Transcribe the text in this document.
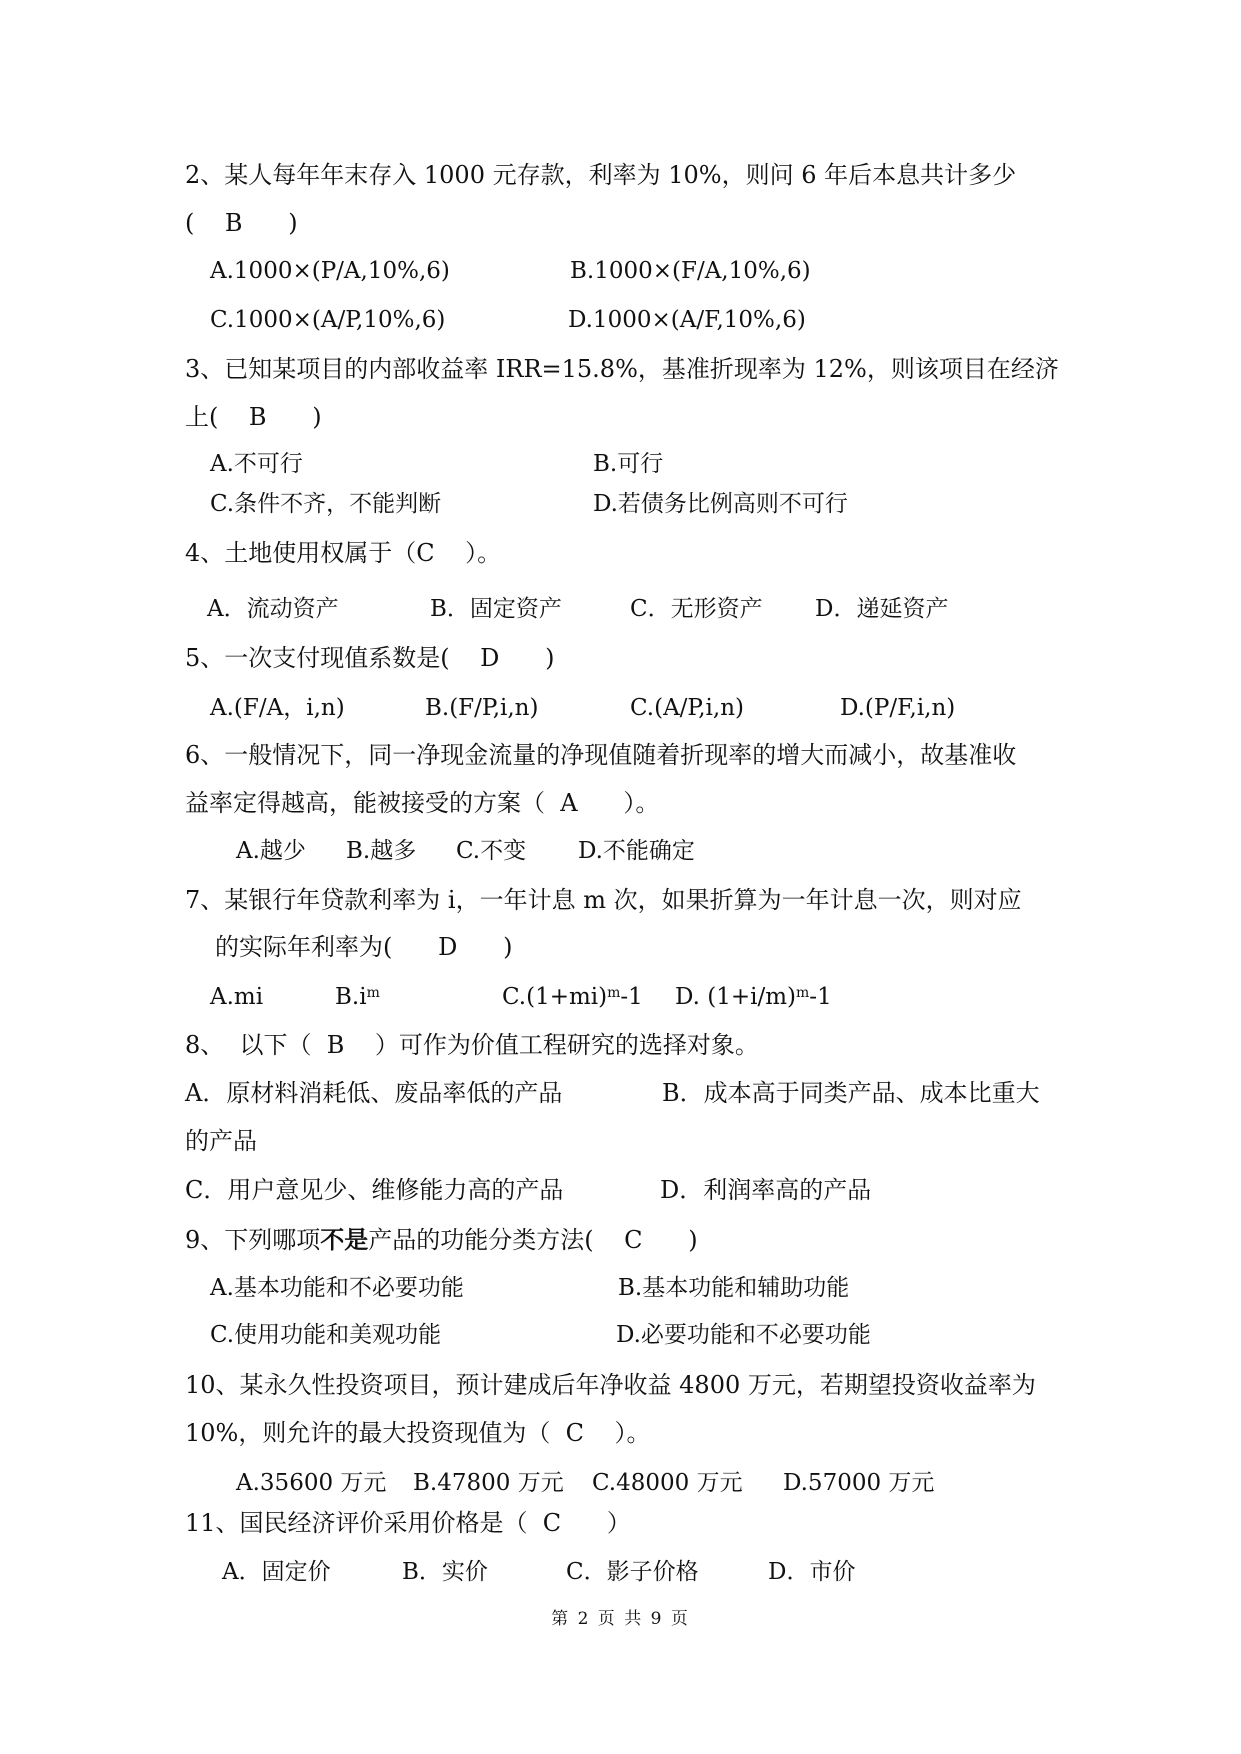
2、某人每年年末存入 1000 元存款，利率为 10%，则问 6 年后本息共计多少
(    B      )
A.1000×(P/A,10%,6)	B.1000×(F/A,10%,6)
C.1000×(A/P,10%,6)	D.1000×(A/F,10%,6)
3、已知某项目的内部收益率 IRR=15.8%，基准折现率为 12%，则该项目在经济
上(    B      )
A.不可行	B.可行
C.条件不齐，不能判断	D.若债务比例高则不可行
4、土地使用权属于（C    ）。
A．流动资产	B．固定资产	C．无形资产 D．递延资产
5、一次支付现值系数是(    D      )
A.(F/A，i,n)	B.(F/P,i,n)	C.(A/P,i,n)	D.(P/F,i,n)
6、一般情况下，同一净现金流量的净现值随着折现率的增大而减小，故基准收
益率定得越高，能被接受的方案（  A      ）。
A.越少 B.越多 C.不变 D.不能确定
7、某银行年贷款利率为 i，一年计息 m 次，如果折算为一年计息一次，则对应
的实际年利率为(      D      )
A.mi	$B.i^m$	$C.(1+mi)^m-1$ D. $(1+i/m)^m-1$
8、  以下（  B    ）可作为价值工程研究的选择对象。
A．原材料消耗低、废品率低的产品	B．成本高于同类产品、成本比重大
的产品
C．用户意见少、维修能力高的产品	D．利润率高的产品
9、下列哪项不是产品的功能分类方法(    C      )
A.基本功能和不必要功能	B.基本功能和辅助功能
C.使用功能和美观功能	D.必要功能和不必要功能
10、某永久性投资项目，预计建成后年净收益 4800 万元，若期望投资收益率为
10%，则允许的最大投资现值为（  C    ）。
A.35600 万元 B.47800 万元 C.48000 万元 D.57000 万元
11、国民经济评价采用价格是（  C      ）
A．固定价	B．实价	C．影子价格	D．市价
第 2 页 共 9 页
